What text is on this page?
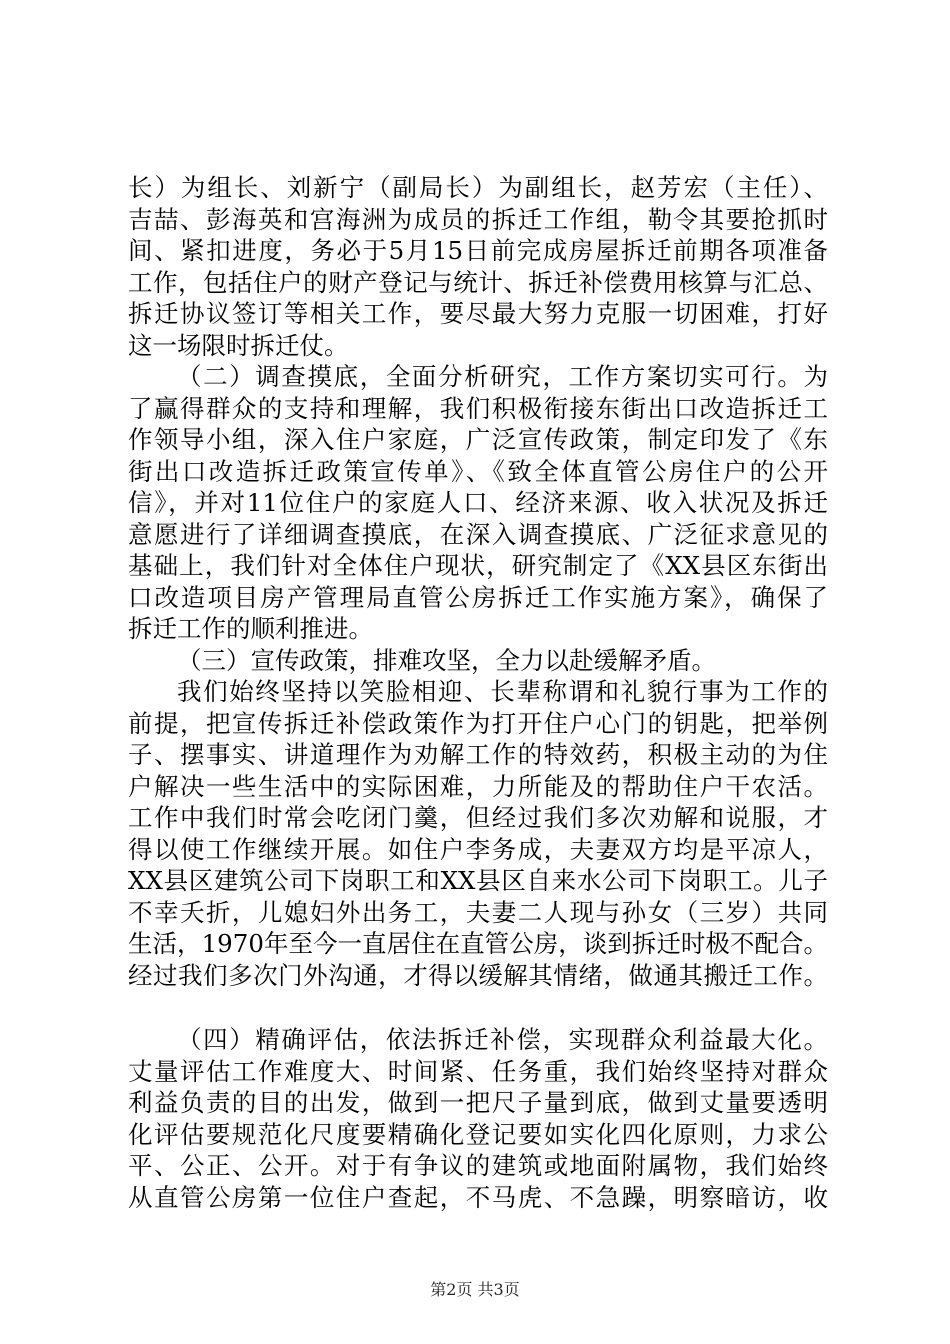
长）为组长、刘新宁（副局长）为副组长，赵芳宏（主任）、
吉喆、彭海英和宫海洲为成员的拆迁工作组，勒令其要抢抓时
间、紧扣进度，务必于5月15日前完成房屋拆迁前期各项准备
工作，包括住户的财产登记与统计、拆迁补偿费用核算与汇总、
拆迁协议签订等相关工作，要尽最大努力克服一切困难，打好
这一场限时拆迁仗。
（二）调查摸底，全面分析研究，工作方案切实可行。为
了赢得群众的支持和理解，我们积极衔接东街出口改造拆迁工
作领导小组，深入住户家庭，广泛宣传政策，制定印发了《东
街出口改造拆迁政策宣传单》、《致全体直管公房住户的公开
信》，并对11位住户的家庭人口、经济来源、收入状况及拆迁
意愿进行了详细调查摸底，在深入调查摸底、广泛征求意见的
基础上，我们针对全体住户现状，研究制定了《XX县区东街出
口改造项目房产管理局直管公房拆迁工作实施方案》，确保了
拆迁工作的顺利推进。
（三）宣传政策，排难攻坚，全力以赴缓解矛盾。
我们始终坚持以笑脸相迎、长辈称谓和礼貌行事为工作的
前提，把宣传拆迁补偿政策作为打开住户心门的钥匙，把举例
子、摆事实、讲道理作为劝解工作的特效药，积极主动的为住
户解决一些生活中的实际困难，力所能及的帮助住户干农活。
工作中我们时常会吃闭门羹，但经过我们多次劝解和说服，才
得以使工作继续开展。如住户李务成，夫妻双方均是平凉人，
XX县区建筑公司下岗职工和XX县区自来水公司下岗职工。儿子
不幸夭折，儿媳妇外出务工，夫妻二人现与孙女（三岁）共同
生活，1970年至今一直居住在直管公房，谈到拆迁时极不配合。
经过我们多次门外沟通，才得以缓解其情绪，做通其搬迁工作。
（四）精确评估，依法拆迁补偿，实现群众利益最大化。
丈量评估工作难度大、时间紧、任务重，我们始终坚持对群众
利益负责的目的出发，做到一把尺子量到底，做到丈量要透明
化评估要规范化尺度要精确化登记要如实化四化原则，力求公
平、公正、公开。对于有争议的建筑或地面附属物，我们始终
从直管公房第一位住户查起，不马虎、不急躁，明察暗访，收
第2页 共3页
